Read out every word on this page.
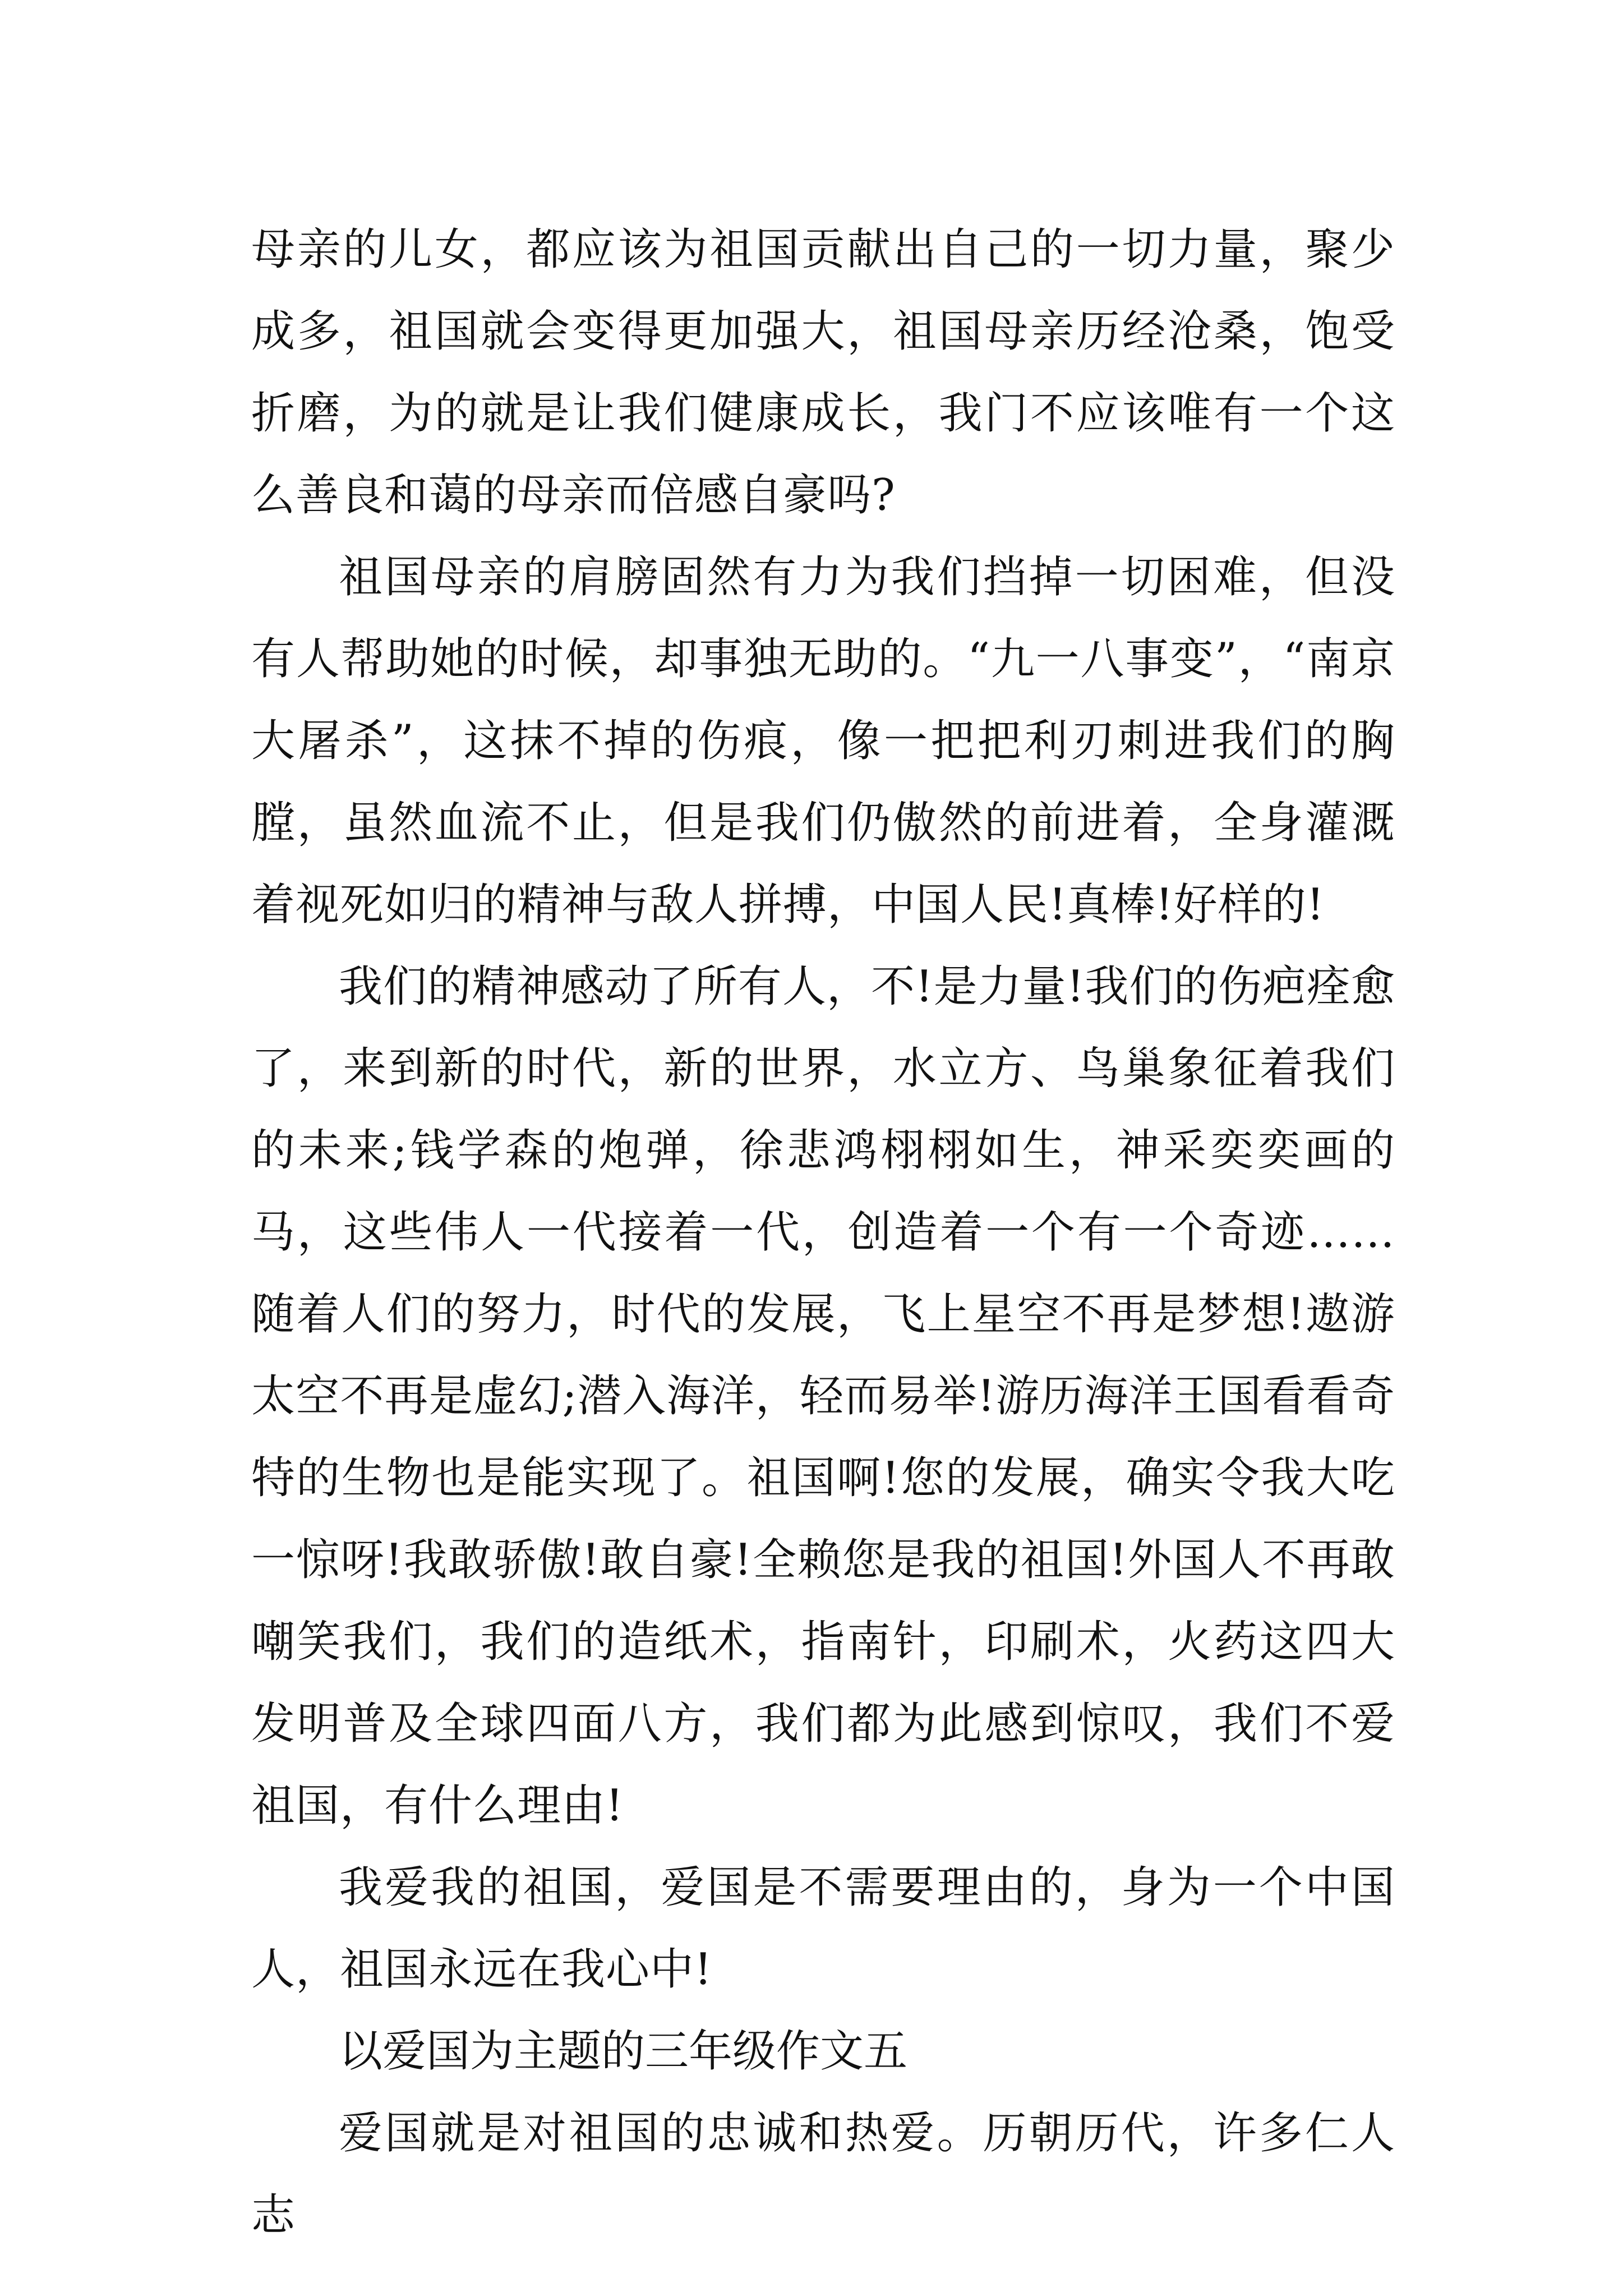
母亲的儿女，都应该为祖国贡献出自己的一切力量，聚少成多，祖国就会变得更加强大，祖国母亲历经沧桑，饱受折磨，为的就是让我们健康成长，我门不应该唯有一个这么善良和蔼的母亲而倍感自豪吗?

祖国母亲的肩膀固然有力为我们挡掉一切困难，但没有人帮助她的时候，却事独无助的。“九一八事变”，“南京大屠杀”，这抹不掉的伤痕，像一把把利刃刺进我们的胸膛，虽然血流不止，但是我们仍傲然的前进着，全身灌溉着视死如归的精神与敌人拼搏，中国人民!真棒!好样的!

我们的精神感动了所有人，不!是力量!我们的伤疤痊愈了，来到新的时代，新的世界，水立方、鸟巢象征着我们的未来;钱学森的炮弹，徐悲鸿栩栩如生，神采奕奕画的马，这些伟人一代接着一代，创造着一个有一个奇迹……随着人们的努力，时代的发展，飞上星空不再是梦想!遨游太空不再是虚幻;潜入海洋，轻而易举!游历海洋王国看看奇特的生物也是能实现了。祖国啊!您的发展，确实令我大吃一惊呀!我敢骄傲!敢自豪!全赖您是我的祖国!外国人不再敢嘲笑我们，我们的造纸术，指南针，印刷术，火药这四大发明普及全球四面八方，我们都为此感到惊叹，我们不爱祖国，有什么理由!

我爱我的祖国，爱国是不需要理由的，身为一个中国人，祖国永远在我心中!

以爱国为主题的三年级作文五

爱国就是对祖国的忠诚和热爱。历朝历代，许多仁人志
